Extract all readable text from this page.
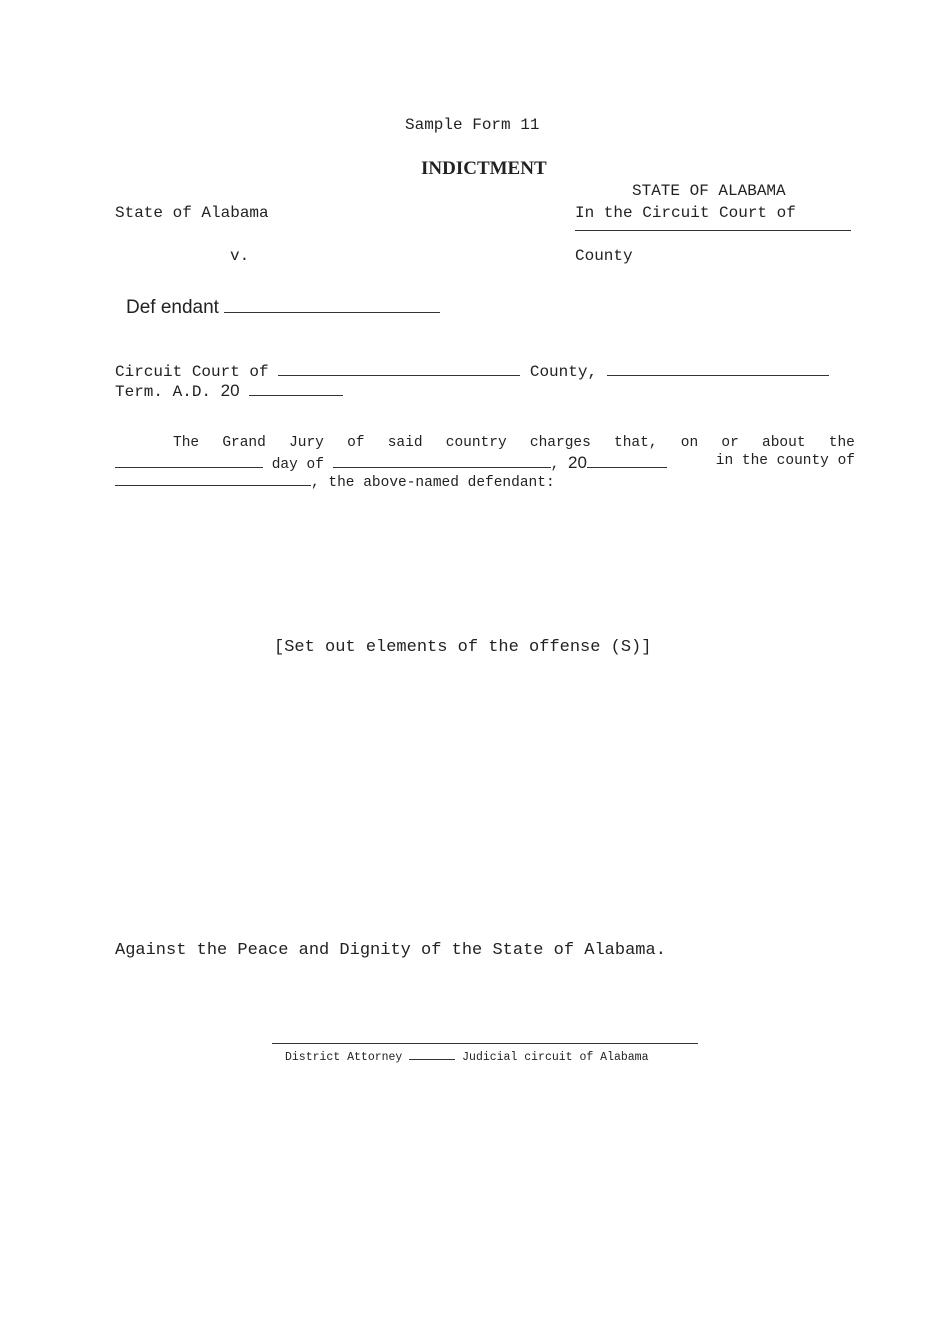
Sample Form 11
INDICTMENT
STATE OF ALABAMA
State of Alabama	In the Circuit Court of
v.	County
Def endant
Circuit Court of	County,
Term. A.D. 20
The Grand Jury of said country charges that, on or about the
day of	, 20	in the county of
, the above-named defendant:
[Set out elements of the offense (S)]
Against the Peace and Dignity of the State of Alabama.
District Attorney	Judicial circuit of Alabama
